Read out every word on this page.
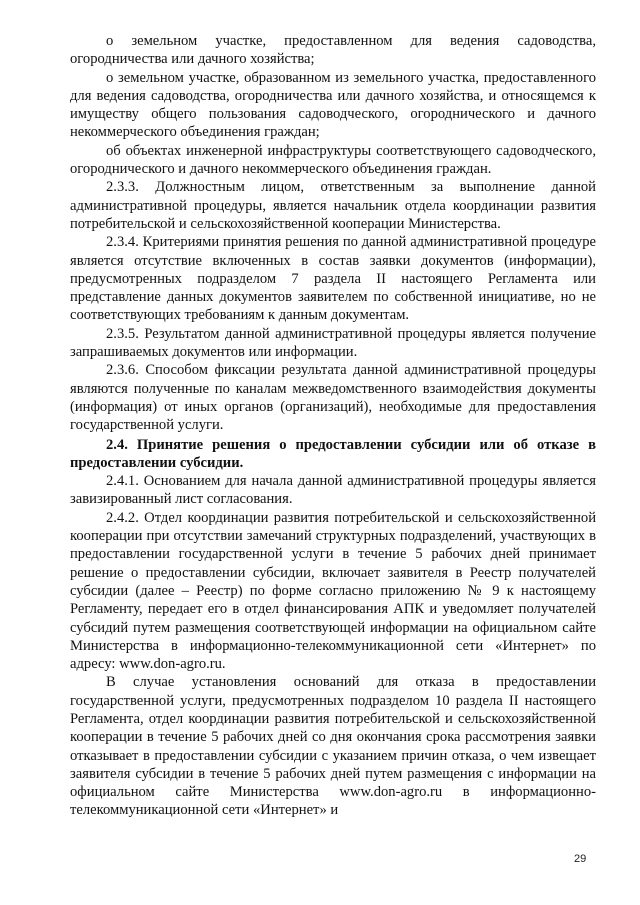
о земельном участке, предоставленном для ведения садоводства, огородничества или дачного хозяйства;

о земельном участке, образованном из земельного участка, предоставленного для ведения садоводства, огородничества или дачного хозяйства, и относящемся к имуществу общего пользования садоводческого, огороднического и дачного некоммерческого объединения граждан;

об объектах инженерной инфраструктуры соответствующего садоводческого, огороднического и дачного некоммерческого объединения граждан.

2.3.3. Должностным лицом, ответственным за выполнение данной административной процедуры, является начальник отдела координации развития потребительской и сельскохозяйственной кооперации Министерства.

2.3.4. Критериями принятия решения по данной административной процедуре является отсутствие включенных в состав заявки документов (информации), предусмотренных подразделом 7 раздела II настоящего Регламента или представление данных документов заявителем по собственной инициативе, но не соответствующих требованиям к данным документам.

2.3.5. Результатом данной административной процедуры является получение запрашиваемых документов или информации.

2.3.6. Способом фиксации результата данной административной процедуры являются полученные по каналам межведомственного взаимодействия документы (информация) от иных органов (организаций), необходимые для предоставления государственной услуги.

2.4. Принятие решения о предоставлении субсидии или об отказе в предоставлении субсидии.

2.4.1. Основанием для начала данной административной процедуры является завизированный лист согласования.

2.4.2. Отдел координации развития потребительской и сельскохозяйственной кооперации при отсутствии замечаний структурных подразделений, участвующих в предоставлении государственной услуги в течение 5 рабочих дней принимает решение о предоставлении субсидии, включает заявителя в Реестр получателей субсидии (далее – Реестр) по форме согласно приложению № 9 к настоящему Регламенту, передает его в отдел финансирования АПК и уведомляет получателей субсидий путем размещения соответствующей информации на официальном сайте Министерства в информационно-телекоммуникационной сети «Интернет» по адресу: www.don-agro.ru.

В случае установления оснований для отказа в предоставлении государственной услуги, предусмотренных подразделом 10 раздела II настоящего Регламента, отдел координации развития потребительской и сельскохозяйственной кооперации в течение 5 рабочих дней со дня окончания срока рассмотрения заявки отказывает в предоставлении субсидии с указанием причин отказа, о чем извещает заявителя субсидии в течение 5 рабочих дней путем размещения с информации на официальном сайте Министерства www.don-agro.ru в информационно-телекоммуникационной сети «Интернет» и

29
